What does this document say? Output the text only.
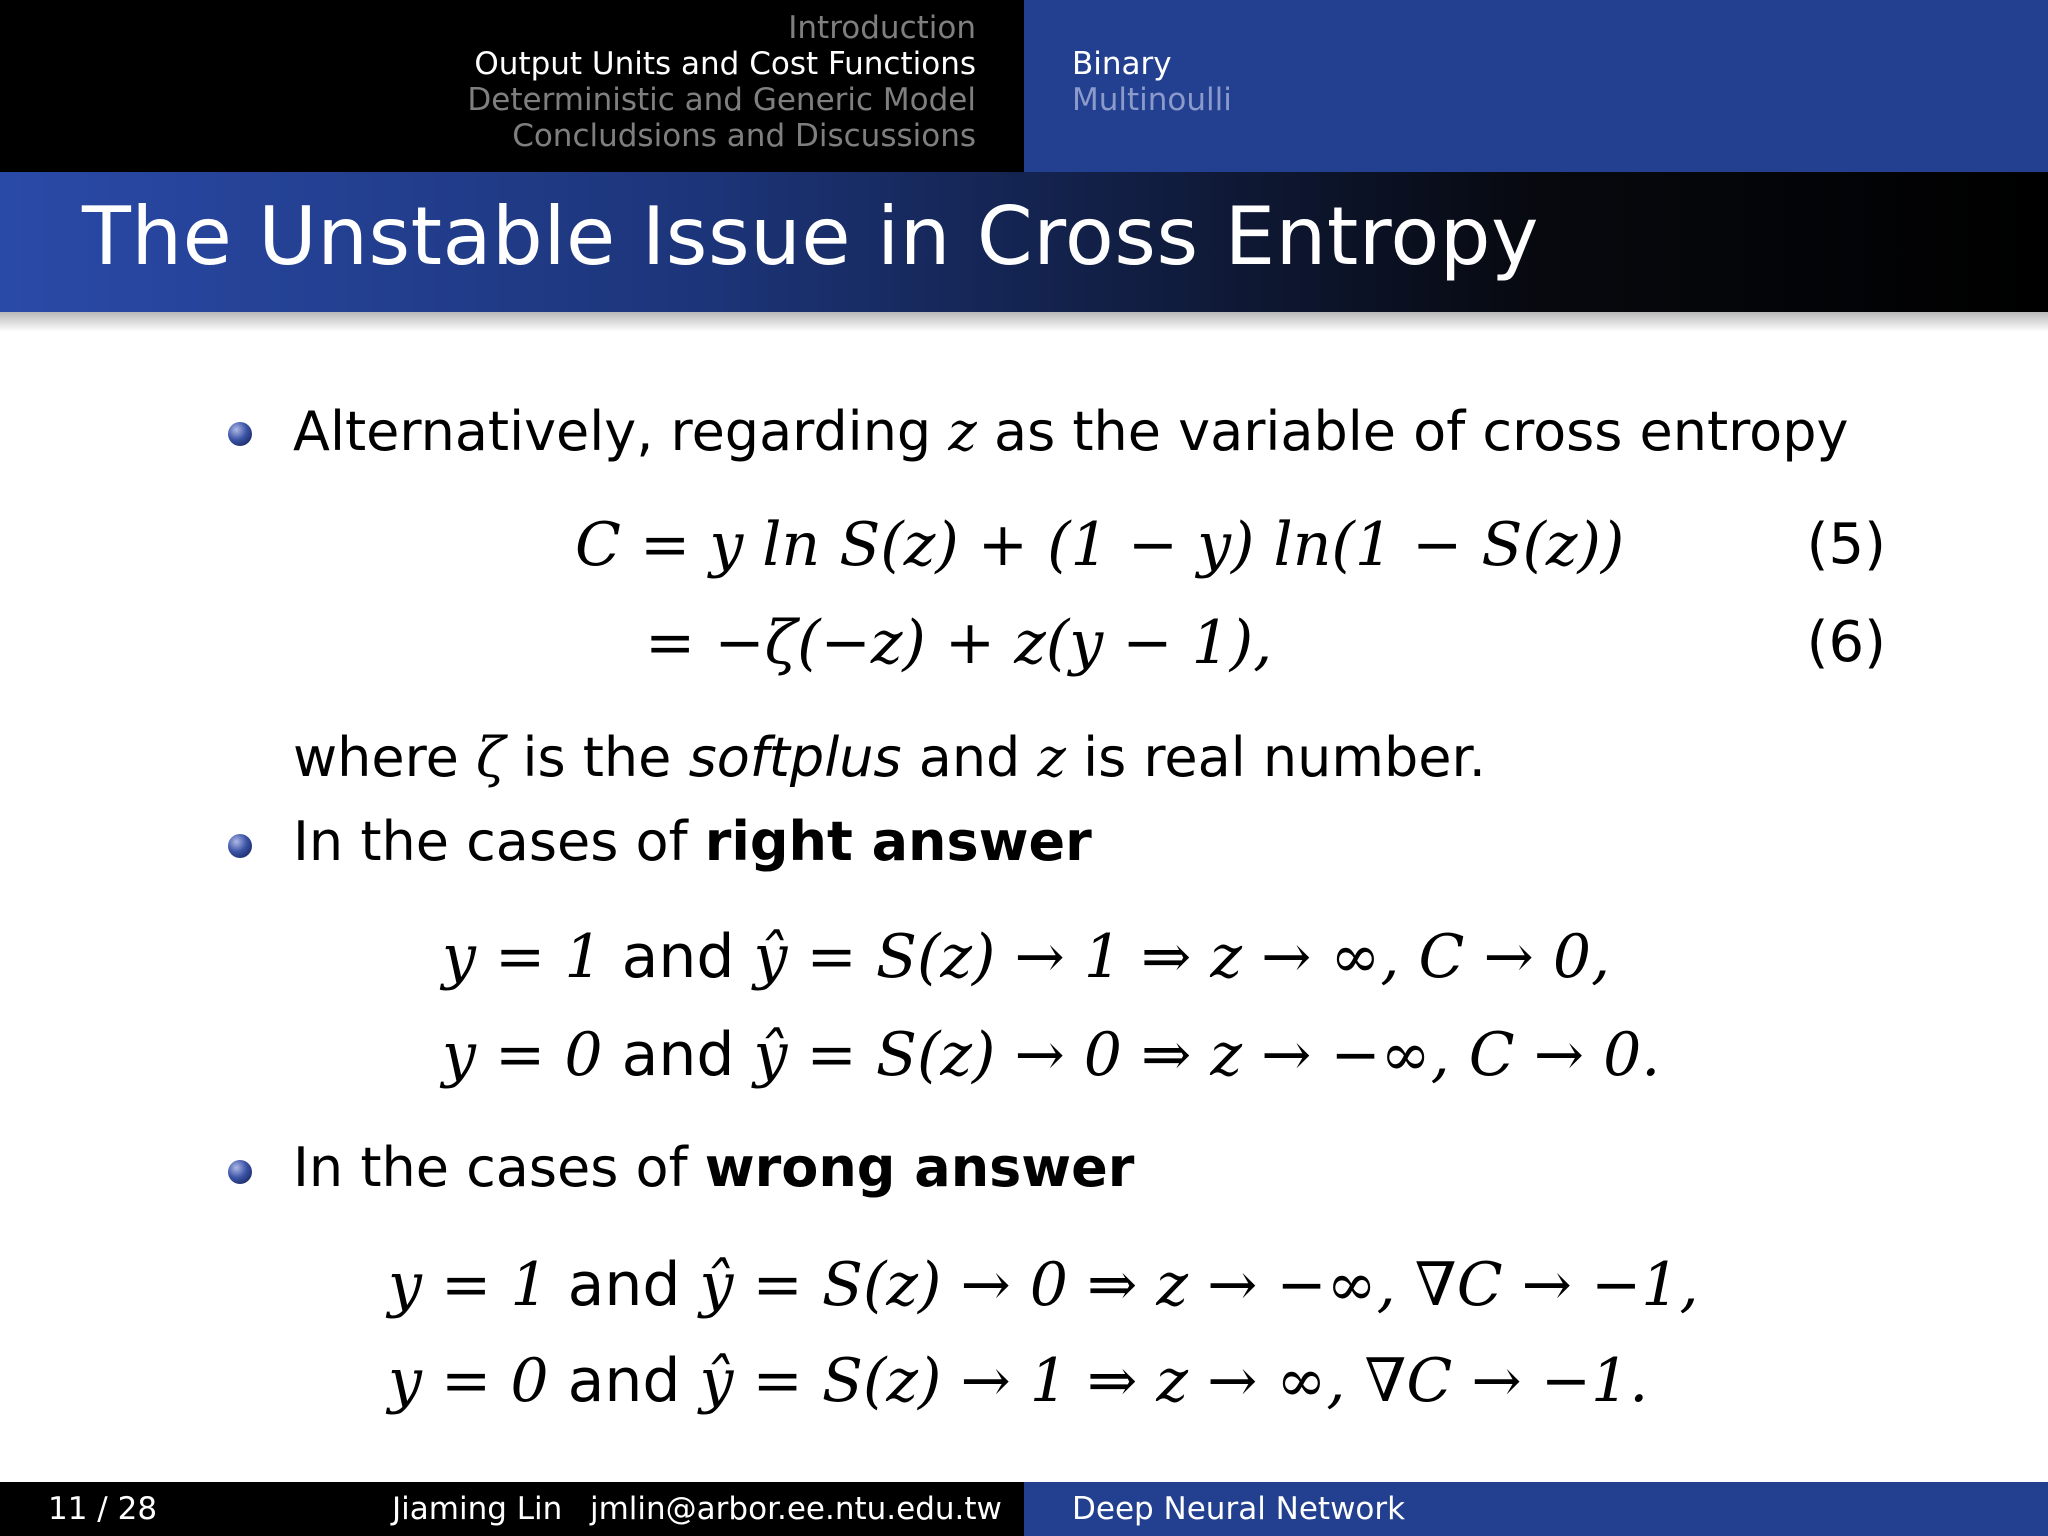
Introduction
Output Units and Cost Functions
Deterministic and Generic Model
Concludsions and Discussions
Binary
Multinoulli
The Unstable Issue in Cross Entropy
Alternatively, regarding z as the variable of cross entropy
C = y ln S(z) + (1 − y) ln(1 − S(z))	(5)
= −ζ(−z) + z(y − 1),	(6)
where ζ is the softplus and z is real number.
In the cases of right answer
y = 1 and ŷ = S(z) → 1 ⇒ z → ∞, C → 0,
y = 0 and ŷ = S(z) → 0 ⇒ z → −∞, C → 0.
In the cases of wrong answer
y = 1 and ŷ = S(z) → 0 ⇒ z → −∞, ∇C → −1,
y = 0 and ŷ = S(z) → 1 ⇒ z → ∞, ∇C → −1.
11 / 28	Jiaming Lin jmlin@arbor.ee.ntu.edu.tw Deep Neural Network
